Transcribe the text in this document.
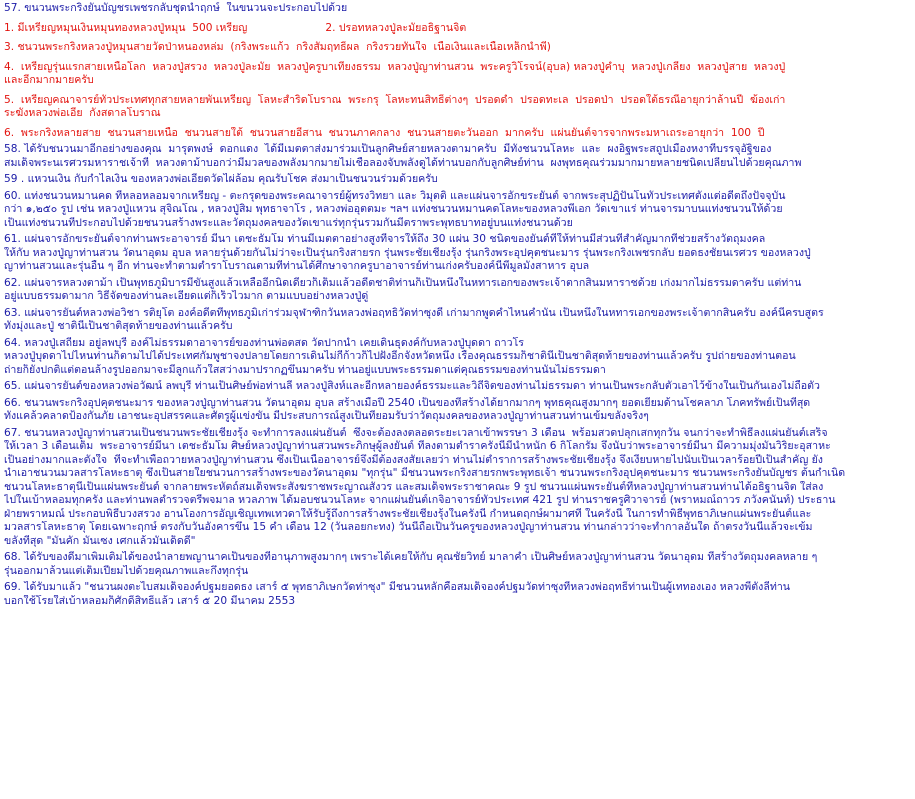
57. ขนวนพระกริ่งยันบัญชรเพชรกลับชุดนำฤกษ์  ในขนวนจะประกอบไปด้วย

1. มีเหรียญหมุนเงินหมุนทองหลวงปู่หมุน  500 เหรียญ	2. ปรอทหลวงปู่ละมัยอธิฐานจิต

3. ชนวนพระกริ่งหลวงปู่หมุนสายวัดป่าหนองหล่ม  (กริ่งพระแก้ว  กริ่งสัมฤทธิ์ผล  กริ่งรวยทันใจ  เนื้อเงินและเนื้อเหล็กน้ำพี้)

4.  เหรียญรุ่นแรกสายเหนือโลก  หลวงปู่สรวง  หลวงปู่ละมัย  หลวงปู่ครูบาเที่ยงธรรม  หลวงปู่ญาท่านสวน  พระครูวิโรจน์(อุบล) หลวงปู่คำบุ  หลวงปู่เกลี้ยง  หลวงปู่สาย  หลวงปู่

และอีกมากมายครับ

5.  เหรียญคณาจารย์ทั่วประเทศทุกสายหลายพันเหรียญ  โลหะสำริดโบราณ  พระกรุ  โลหะทนสิทธิ์ต่างๆ  ปรอดดำ  ปรอดทะเล  ปรอดป่า  ปรอดใต้ธรณีอายุกว่าล้านปี  ฆ้องเก่า

ระฆังหลวงพ่อเอีย  กังสดาลโบราณ

6.  พระกริ่งหลายสาย  ชนวนสายเหนือ  ชนวนสายใต้  ชนวนสายอีสาน  ชนวนภาคกลาง  ชนวนสายตะวันออก  มากครับ  แผ่นยันต์จารจากพระมหาเถระอายุกว่า  100  ปี

58. ได้รับชนวนมาอีกอย่างของคุณ  มารุตพงษ์  ดอกแดง  ได้มีเมตตาส่งมาร่วมเป็นลูกศิษย์สายหลวงตามาครับ  มีทั้งชนวนโลหะ  และ  ผงอิฐพระสถูปเมืองหงาที่บรรจุอัฐิของ

สมเด็จพระนเรศวรมหาราชเจ้าที่  หลวงตาม้าบอกว่ามีมวลของพลังมากมายไม่เชื่อลองจับพลังดูได้ท่านบอกกับลูกศิษย์ท่าน  ผงพุทธคุณร่วมมากมายหลายชนิดเปลี่ยนไปด้วยคุณภาพ

59 . แหวนเงิน กับกำไลเงิน ของหลวงพ่อเอียดวัดไผ่ล้อม คุณรับโชค ส่งมาเป็นชนวนร่วมด้วยครับ

60. แท่งชนวนหมานคด ที่หลอหลอมจากเหรียญ - ตะกรุดของพระคณาจารย์ผู้ทรงวิทยา และ วิมุตติ และแผ่นจารอักขระยันต์ จากพระสุปฏิปันโนทั่วประเทศตั้งแต่อดีตถึงปัจจุบัน

กว่า ๑,๒๕๐ รูป เช่น หลวงปู่แหวน สุจิณโณ , หลวงปู่สิม พุทธาจาโร , หลวงพ่ออุตตมะ ฯลฯ แท่งชนวนหมานคดโลหะของหลวงพี่เอก วัดเขาแร่ ท่านจารมาบนแท่งชนวนให้ด้วย

เป็นแท่งชนวนที่ประกอบไปด้วยชนวนสร้างพระและวัตถุมงคลของวัดเขาแร่ทุกรุ่นรวมกันมีตราพระพุทธบาทอยู่บนแท่งชนวนด้วย

61. แผ่นจารอักขระยันต์จากท่านพระอาจารย์ มีนา เตชะธัมโม ท่านมีเมตตาอย่างสูงที่จารให้ถึง 30 แผ่น 30 ชนิดของยันต์ที่ให้ท่านมีส่วนที่สำคัญมากที่ช่วยสร้างวัตถุมงคล

ให้กับ หลวงปู่ญาท่านสวน วัดนาอุดม อุบล หลายรุ่นด้วยกันไม่ว่าจะเป็นรุ่นกริ่งสายรก รุ่นพระชัยเชียงรุ้ง รุ่นกริ่งพระอุปคุตชนะมาร รุ่นพระกริ่งเพชรกลับ ยอดธงชัยนเรศวร ของหลวงปู่

ญาท่านสวนและรุ่นอื่น ๆ อีก ท่านจะทำตามตำราโบราณตามที่ท่านได้ศึกษาจากครูบาอาจารย์ท่านเก่งครับองค์นี้พี่มูลมังสาหาร อุบล

62. แผ่นจารหลวงตาม้า เป็นพุทธภูมิบารมีขั้นสูงแล้วเหลืออีกนิดเดียวก็เต็มแล้วอดีตชาติท่านก็เป็นหนึ่งในหทารเอกของพระเจ้าตากสินมหาราชด้วย เก่งมากไม่ธรรมดาครับ แต่ท่าน

อยู่แบบธรรมดามาก วิธีจัดของท่านละเอียดแต่ก็เร็วไวมาก ตามแบบอย่างหลวงปู่ดู่

63. แผ่นจารยันต์หลวงพ่อวิชา รติยุโต องค์อดีตที่พุทธภูมิเก่าร่วมจุฬาฑิกวันหลวงพ่อฤทธิวัดท่าซุงดี เก่ามากพูดคำไหนคำนั้น เป็นหนึ่งในหทารเอกของพระเจ้าตากสินครับ องค์นี้ครบสูตร

ทั้งมุ่งและปู่ ชาตินี้เป็นชาติสุดท้ายของท่านแล้วครับ

64. หลวงปู่เสถียม อยู่ลพบุรี องค์ไม่ธรรมดาอาจารย์ของท่านพ่อตสด วัดปากน้ำ เคยเดินธุดงค์กับหลวงปู่บุดดา ถาวโร

หลวงปู่บุดดาไปไหนท่านก็ตามไปได้ประเทศกัมพูชาจงปลายโดยการเดินไม่กี่ก้าวก็ไปฝั่งอีกจังหวัดหนึ่ง เรื่องคุณธรรมก็ชาตินี้เป็นชาติสุดท้ายของท่านแล้วครับ รูปถ่ายของท่านตอน

ถ่ายก็ยังปกติแต่ตอนล้างรูปออกมาจะมีลูกแก้วใสสว่างมาปรากฏขึ้นมาครับ ท่านอยู่แบบพระธรรมดาแต่คุณธรรมของท่านนั้นไม่ธรรมดา

65. แผ่นจารยันต์ของหลวงพ่อวัฒน์ ลพบุรี ท่านเป็นศิษย์พ่อท่านลี หลวงปู่สิงห์และอีกหลายองค์ธรรมะและวิถีจิตของท่านไม่ธรรมดา ท่านเป็นพระกลับตัวเอาไว้ข้างในเป็นกันเองไม่ถือตัว

66. ชนวนพระกริ่งอุปคุตชนะมาร ของหลวงปู่ญาท่านสวน วัดนาอุดม อุบล สร้างเมื่อปี 2540 เป็นของที่สร้างได้ยากมากๆ พุทธคุณสูงมากๆ ยอดเยี่ยมด้านโชคลาภ โภคทรัพย์เป็นที่สุด

ทั้งแคล้วคลาดป้องกันภัย เอาชนะอุปสรรคและศัตรูผู้แข่งขัน มีประสบการณ์สูงเป็นที่ยอมรับว่าวัตถุมงคลของหลวงปู่ญาท่านสวนท่านเข้มขลังจริงๆ

67. ชนวนหลวงปู่ญาท่านสวนเป็นชนวนพระชัยเชียงรุ้ง จะทำการลงแผ่นยันต์  ซึ่งจะต้องลงตลอดระยะเวลาเข้าพรรษา 3 เดือน  พร้อมสวดปลุกเสกทุกวัน จนกว่าจะทำพิธีลงแผ่นยันต์เสร็จ

ให้เวลา 3 เดือนเต็ม  พระอาจารย์มีนา เตชะธัมโม ศิษย์หลวงปู่ญาท่านสวนพระภิกษุผู้ลงยันต์ ที่ลงตามตำราครั้งนี้มีน้ำหนัก 6 กิโลกรัม จึงนับว่าพระอาจารย์มีนา มีความมุ่งมั่นวิริยะอุสาหะ

เป็นอย่างมากและตั้งใจ  ที่จะทำเพื่อถวายหลวงปู่ญาท่านสวน ซึ่งเป็นเนื้ออาจารย์จึงมีต้องสงสัยเลยว่า ท่านไม่ตำราการสร้างพระชัยเชียงรุ้ง จึงเงียบหายไปนับเป็นเวลาร้อยปีเป็นสำคัญ ยัง

นำเอาชนวนมวลสารโลหะธาตุ ซึ่งเป็นสายใยชนวนการสร้างพระของวัดนาอุดม "ทุกรุ่น" มีชนวนพระกริ่งสายรกพระพุทธเจ้า ชนวนพระกริ่งอุปคุตชนะมาร ชนวนพระกริ่งยันบัญชร ต้นกำเนิด

ชนวนโลหะธาตุนี้เป็นแผ่นพระยันต์ จากลายพระหัตถ์สมเด็จพระสังฆราชพระญาณสังวร และสมเด็จพระราชาคณะ 9 รูป ชนวนแผ่นพระยันต์ที่หลวงปู่ญาท่านสวนท่านได้อธิฐานจิต ใส่ลง

ไปในเบ้าหลอมทุกครั้ง และท่านพลตำรวจตรีพจมาล หวลภาพ ได้มอบชนวนโลหะ จากแผ่นยันต์เกจิอาจารย์ทั่วประเทศ 421 รูป ท่านราชครูศิวาจารย์ (พราหมณ์ถาวร ภวังคนันท์) ประธาน

ฝ่ายพราหมณ์ ประกอบพิธีบวงสรวง อานโองการอัญเชิญเทพเทวดาให้รับรู้ถึงการสร้างพระชัยเชียงรุ้งในครั้งนี้ กำหนดฤกษ์ผามาศที่ ในครั้งนี้ ในการทำพิธีพุทธาภิเษกแผ่นพระยันต์และ

มวลสารโลหะธาตุ โดยเฉพาะฤกษ์ ตรงกับวันอังคารขึ้น 15 ค่ำ เดือน 12 (วันลอยกะทง) วันนี้ถือเป็นวันครูของหลวงปู่ญาท่านสวน ท่านกล่าวว่าจะทำกาลอันใด ถ้าตรงวันนี้แล้วจะเข้ม

ขลังที่สุด "มันคัก มันเซง เศกแล้วมันเด็ดดี"

68. ได้รับของดีมาเพิ่มเติมได้ของน้ำลายพญานาคเป็นของที่อานุภาพสูงมากๆ เพราะได้เคยให้กับ คุณชัยวิทย์ มาลาคำ เป็นศิษย์หลวงปู่ญาท่านสวน วัดนาอุดม ที่สร้างวัตถุมงคลหลาย ๆ

รุ่นออกมาล้วนแต่เต็มเปี่ยมไปด้วยคุณภาพและกึ่งทุกรุ่น

69. ได้รับมาแล้ว "ชนวนผงตะไบสมเด็จองค์ปฐมยอดธง เสาร์ ๕ พุทธาภิเษกวัดท่าซุง" มีชนวนหลักคือสมเด็จองค์ปฐมวัดท่าซุงที่หลวงพ่อฤทธิ์ท่านเป็นผู้เททองเอง หลวงพี่ตั้งลี้ท่าน

บอกใช้โรยใส่เบ้าหลอมก็ศักดิ์สิทธิ์แล้ว เสาร์ ๕ 20 มีนาคม 2553
